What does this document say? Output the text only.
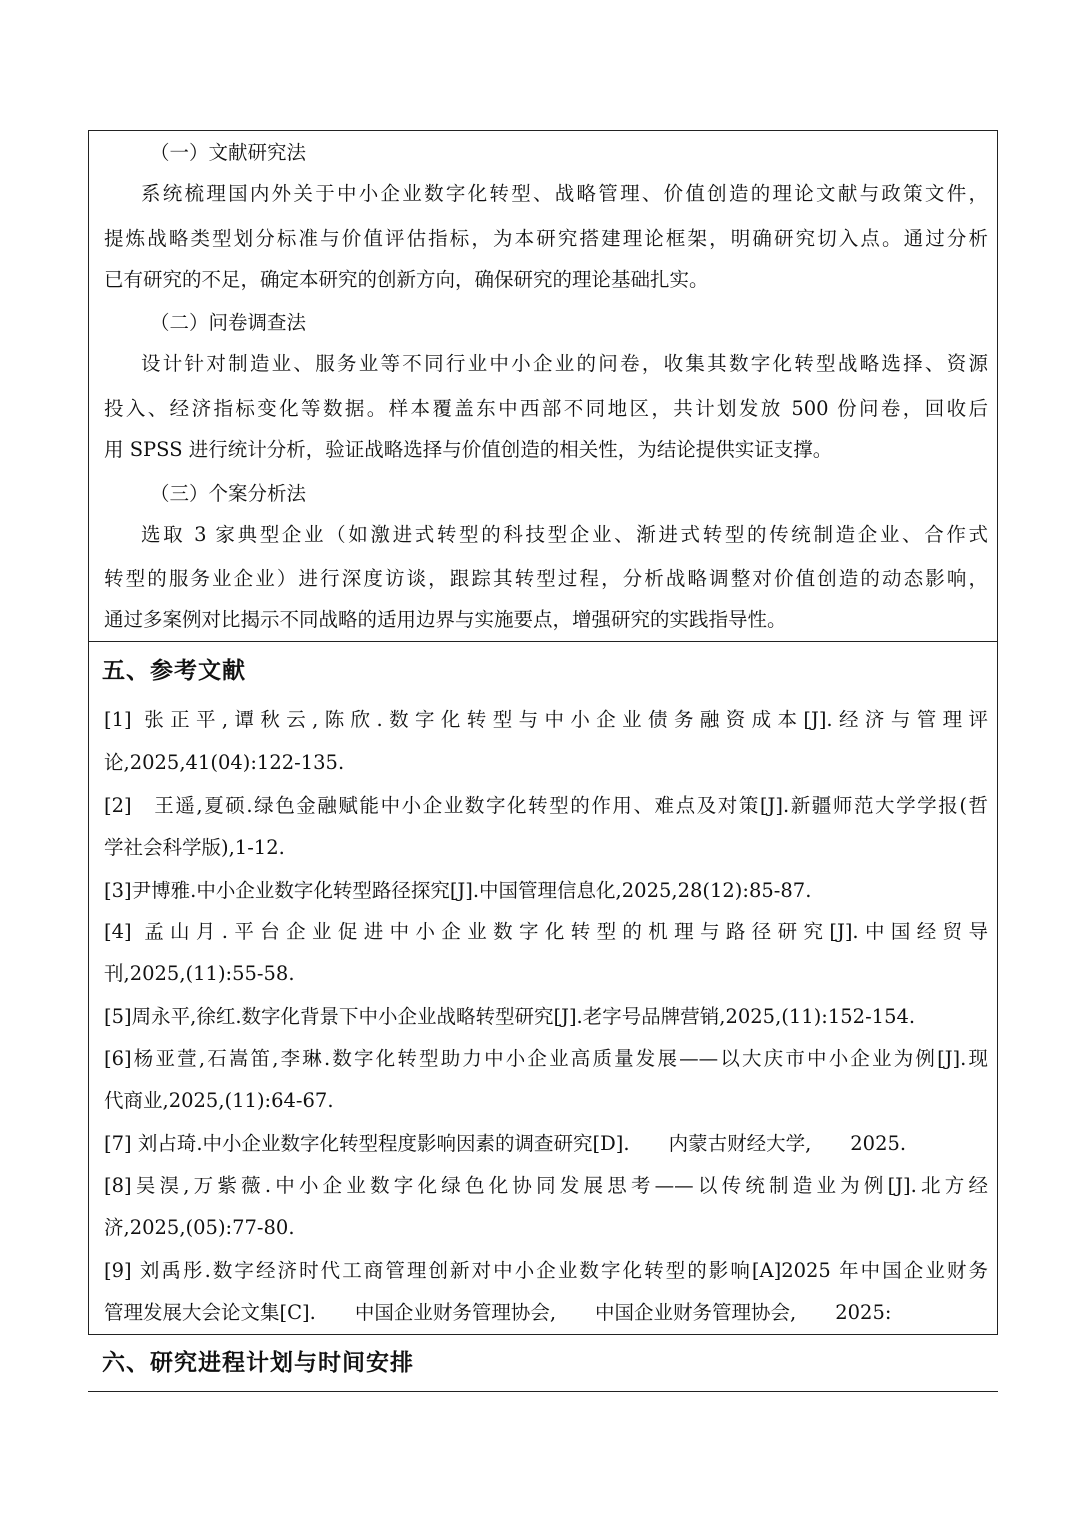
（一）文献研究法
系统梳理国内外关于中小企业数字化转型、战略管理、价值创造的理论文献与政策文件，
提炼战略类型划分标准与价值评估指标，为本研究搭建理论框架，明确研究切入点。通过分析
已有研究的不足，确定本研究的创新方向，确保研究的理论基础扎实。
（二）问卷调查法
设计针对制造业、服务业等不同行业中小企业的问卷，收集其数字化转型战略选择、资源
投入、经济指标变化等数据。样本覆盖东中西部不同地区，共计划发放 500 份问卷，回收后
用 SPSS 进行统计分析，验证战略选择与价值创造的相关性，为结论提供实证支撑。
（三）个案分析法
选取 3 家典型企业（如激进式转型的科技型企业、渐进式转型的传统制造企业、合作式
转型的服务业企业）进行深度访谈，跟踪其转型过程，分析战略调整对价值创造的动态影响，
通过多案例对比揭示不同战略的适用边界与实施要点，增强研究的实践指导性。
五、参考文献
[1] 张正平,谭秋云,陈欣.数字化转型与中小企业债务融资成本[J].经济与管理评
论,2025,41(04):122-135.
[2]　王遥,夏硕.绿色金融赋能中小企业数字化转型的作用、难点及对策[J].新疆师范大学学报(哲
学社会科学版),1-12.
[3]尹博雅.中小企业数字化转型路径探究[J].中国管理信息化,2025,28(12):85-87.
[4] 孟山月.平台企业促进中小企业数字化转型的机理与路径研究[J].中国经贸导
刊,2025,(11):55-58.
[5]周永平,徐红.数字化背景下中小企业战略转型研究[J].老字号品牌营销,2025,(11):152-154.
[6]杨亚萱,石嵩笛,李琳.数字化转型助力中小企业高质量发展——以大庆市中小企业为例[J].现
代商业,2025,(11):64-67.
[7] 刘占琦.中小企业数字化转型程度影响因素的调查研究[D].　　内蒙古财经大学,　　2025.
[8]吴淏,万紫薇.中小企业数字化绿色化协同发展思考——以传统制造业为例[J].北方经
济,2025,(05):77-80.
[9] 刘禹彤.数字经济时代工商管理创新对中小企业数字化转型的影响[A]2025 年中国企业财务
管理发展大会论文集[C].　　中国企业财务管理协会,　　中国企业财务管理协会,　　2025:
六、研究进程计划与时间安排
